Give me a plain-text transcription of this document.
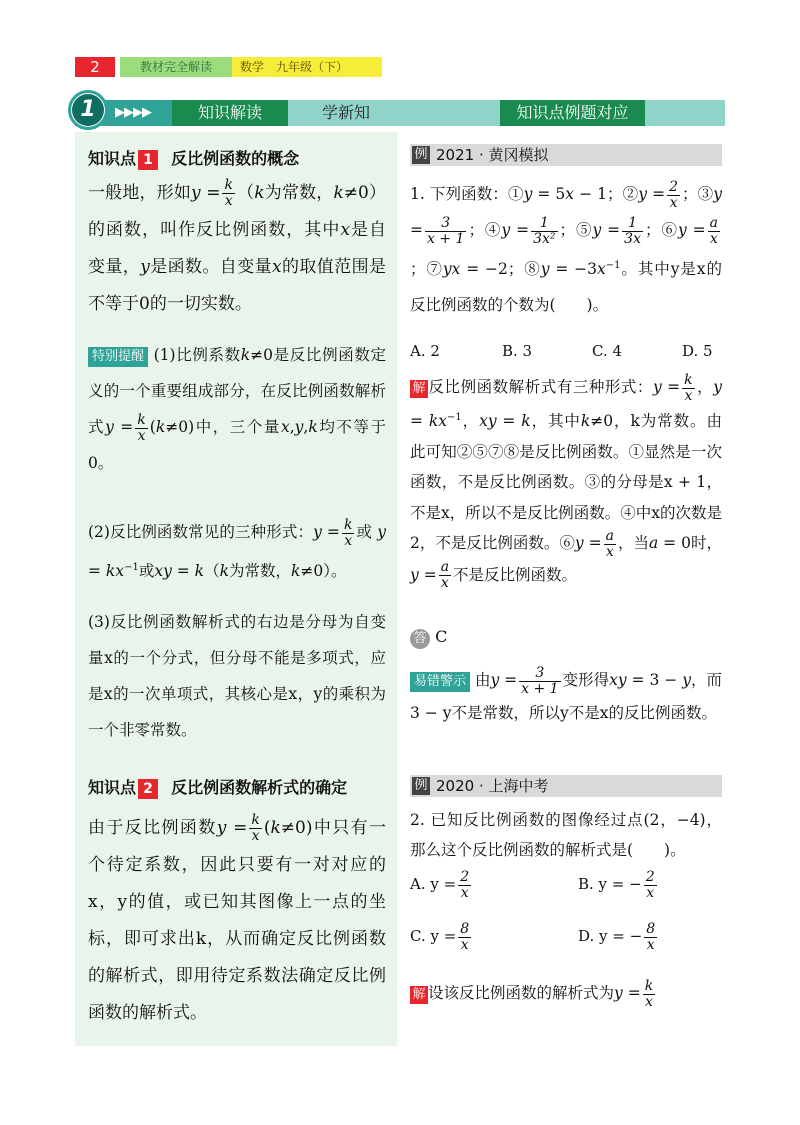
2	教材完全解读	数学　九年级（下）
1	▶▶▶▶	知识解读	学新知	知识点例题对应
知识点 1 反比例函数的概念
一般地，形如$y = \frac{k}{x} (k$为常数，k≠0）的函数，叫作反比例函数，其中x是自变量，y是函数。自变量x的取值范围是不等于0的一切实数。
特别提醒 (1)比例系数k≠0是反比例函数定义的一个重要组成部分，在反比例函数解析式$y = \frac{k}{x} (k\ne 0)$中，三个量x,y,k均不等于0。
(2)反比例函数常见的三种形式：$y = \frac{k}{x}$ 或 $y = kx^{-1}$或xy = k（k为常数，k≠0）。
(3)反比例函数解析式的右边是分母为自变量x的一个分式，但分母不能是多项式，应是x的一次单项式，其核心是x，y的乘积为一个非零常数。
知识点 2 反比例函数解析式的确定
由于反比例函数$y = \frac{k}{x} (k\ne 0)$中只有一个待定系数，因此只要有一对对应的x，y的值，或已知其图像上一点的坐标，即可求出k，从而确定反比例函数的解析式，即用待定系数法确定反比例函数的解析式。
例 2021 · 黄冈模拟
1. 下列函数：①y = 5x − 1；②y = $\frac{2}{x}$ ；③y = $\frac{3}{x + 1}$ ；④y = $\frac{1}{\text{3x²}}$ ；⑤y = $\frac{1}{3x}$ ；⑥y = $\frac{a}{x}$
；⑦yx = −2；⑧y = $-3x^{-1}$。其中y是x的反比例函数的个数为(　　)。
A. 2	B. 3	C. 4	D. 5
解 反比例函数解析式有三种形式：$y = \frac{k}{x}$ ，$y = kx^{-1}$，xy = k，其中k≠0，k为常数。由此可知②⑤⑦⑧是反比例函数。①显然是一次函数，不是反比例函数。③的分母是x + 1，不是x，所以不是反比例函数。④中x的次数是2，不是反比例函数。⑥y = $\frac{a}{x}$ ，当a = 0时，$y = \frac{a}{x}$ 不是反比例函数。
答 C
易错警示 由$y = \frac{3}{x + 1}$ 变形得xy = 3 − y，而3 − y不是常数，所以y不是x的反比例函数。
例 2020 · 上海中考
2. 已知反比例函数的图像经过点(2，−4)，那么这个反比例函数的解析式是(　　)。
A. $y = \frac{2}{x}$	B. y = − $\frac{2}{x}$
C. $y = \frac{8}{x}$	D. y = − $\frac{8}{x}$
解 设该反比例函数的解析式为$y = \frac{k}{x}$
